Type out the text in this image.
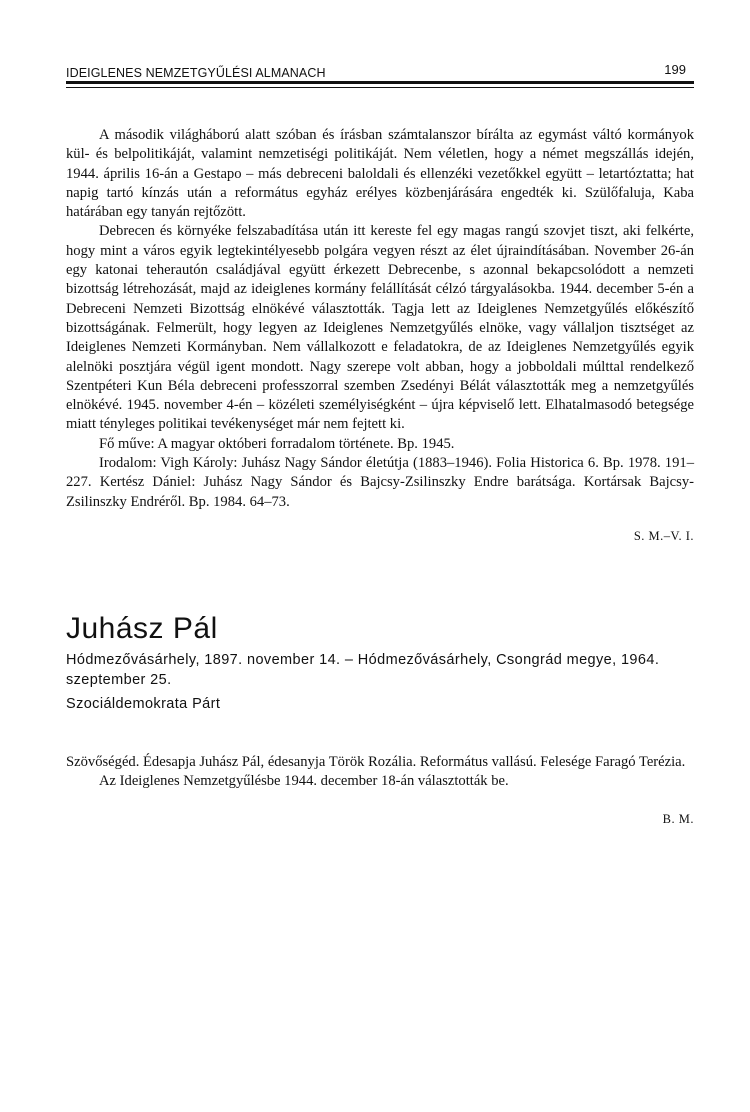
IDEIGLENES NEMZETGYŰLÉSI ALMANACH	199

A második világháború alatt szóban és írásban számtalanszor bírálta az egymást váltó kormányok kül- és belpolitikáját, valamint nemzetiségi politikáját. Nem véletlen, hogy a német megszállás idején, 1944. április 16-án a Gestapo – más debreceni baloldali és ellenzéki vezetőkkel együtt – letartóztatta; hat napig tartó kínzás után a református egyház erélyes közbenjárására engedték ki. Szülőfaluja, Kaba határában egy tanyán rejtőzött.

Debrecen és környéke felszabadítása után itt kereste fel egy magas rangú szovjet tiszt, aki felkérte, hogy mint a város egyik legtekintélyesebb polgára vegyen részt az élet újraindításában. November 26-án egy katonai teherautón családjával együtt érkezett Debrecenbe, s azonnal bekapcsolódott a nemzeti bizottság létrehozását, majd az ideiglenes kormány felállítását célzó tárgyalásokba. 1944. december 5-én a Debreceni Nemzeti Bizottság elnökévé választották. Tagja lett az Ideiglenes Nemzetgyűlés előkészítő bizottságának. Felmerült, hogy legyen az Ideiglenes Nemzetgyűlés elnöke, vagy vállaljon tisztséget az Ideiglenes Nemzeti Kormányban. Nem vállalkozott e feladatokra, de az Ideiglenes Nemzetgyűlés egyik alelnöki posztjára végül igent mondott. Nagy szerepe volt abban, hogy a jobboldali múlttal rendelkező Szentpéteri Kun Béla debreceni professzorral szemben Zsedényi Bélát választották meg a nemzetgyűlés elnökévé. 1945. november 4-én – közéleti személyiségként – újra képviselő lett. Elhatalmasodó betegsége miatt tényleges politikai tevékenységet már nem fejtett ki.

Fő műve: A magyar októberi forradalom története. Bp. 1945.

Irodalom: Vigh Károly: Juhász Nagy Sándor életútja (1883–1946). Folia Historica 6. Bp. 1978. 191–227. Kertész Dániel: Juhász Nagy Sándor és Bajcsy-Zsilinszky Endre barátsága. Kortársak Bajcsy-Zsilinszky Endréről. Bp. 1984. 64–73.

S. M.–V. I.
Juhász Pál
Hódmezővásárhely, 1897. november 14. – Hódmezővásárhely, Csongrád megye, 1964. szeptember 25.
Szociáldemokrata Párt

Szövőségéd. Édesapja Juhász Pál, édesanyja Török Rozália. Református vallású. Felesége Faragó Terézia.

Az Ideiglenes Nemzetgyűlésbe 1944. december 18-án választották be.

B. M.
